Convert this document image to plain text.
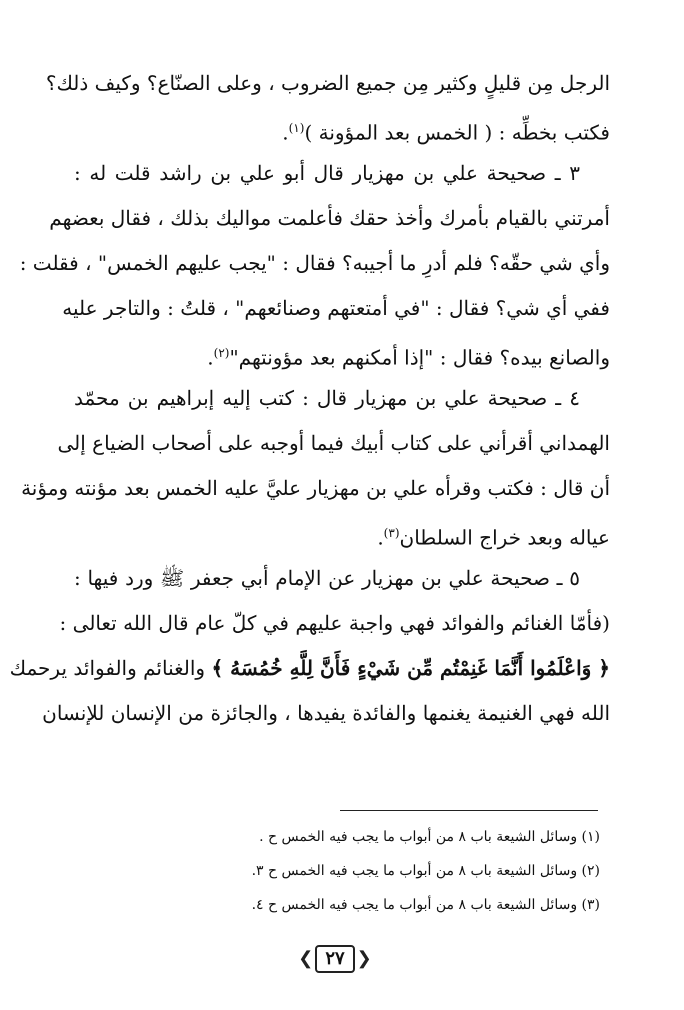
الرجل مِن قليلٍ وكثير مِن جميع الضروب ، وعلى الصنّاع؟ وكيف ذلك؟
فكتب بخطِّه : ( الخمس بعد المؤونة )$^{(١)}$.
٣ ـ صحيحة علي بن مهزيار قال أبو علي بن راشد قلت له :
أمرتني بالقيام بأمرك وأخذ حقك فأعلمت مواليك بذلك ، فقال بعضهم
وأي شي حقّه؟ فلم أدرِ ما أجيبه؟ فقال : "يجب عليهم الخمس" ، فقلت :
ففي أي شي؟ فقال : "في أمتعتهم وصنائعهم" ، قلتُ : والتاجر عليه
والصانع بيده؟ فقال : "إذا أمكنهم بعد مؤونتهم"$^{(٢)}$.
٤ ـ صحيحة علي بن مهزيار قال : كتب إليه إبراهيم بن محمّد
الهمداني أقرأني على كتاب أبيك فيما أوجبه على أصحاب الضياع إلى
أن قال : فكتب وقرأه علي بن مهزيار عليَّ عليه الخمس بعد مؤنته ومؤنة
عياله وبعد خراج السلطان$^{(٣)}$.
٥ ـ صحيحة علي بن مهزيار عن الإمام أبي جعفر ﷺ ورد فيها :
(فأمّا الغنائم والفوائد فهي واجبة عليهم في كلّ عام قال الله تعالى :
﴿ وَاعْلَمُوا أَنَّمَا غَنِمْتُم مِّن شَيْءٍ فَأَنَّ لِلَّهِ خُمُسَهُ ﴾ والغنائم والفوائد يرحمك
الله فهي الغنيمة يغنمها والفائدة يفيدها ، والجائزة من الإنسان للإنسان
(١) وسائل الشيعة باب ٨ من أبواب ما يجب فيه الخمس ح .
(٢) وسائل الشيعة باب ٨ من أبواب ما يجب فيه الخمس ح ٣.
(٣) وسائل الشيعة باب ٨ من أبواب ما يجب فيه الخمس ح ٤.
❮ ٢٧ ❯
